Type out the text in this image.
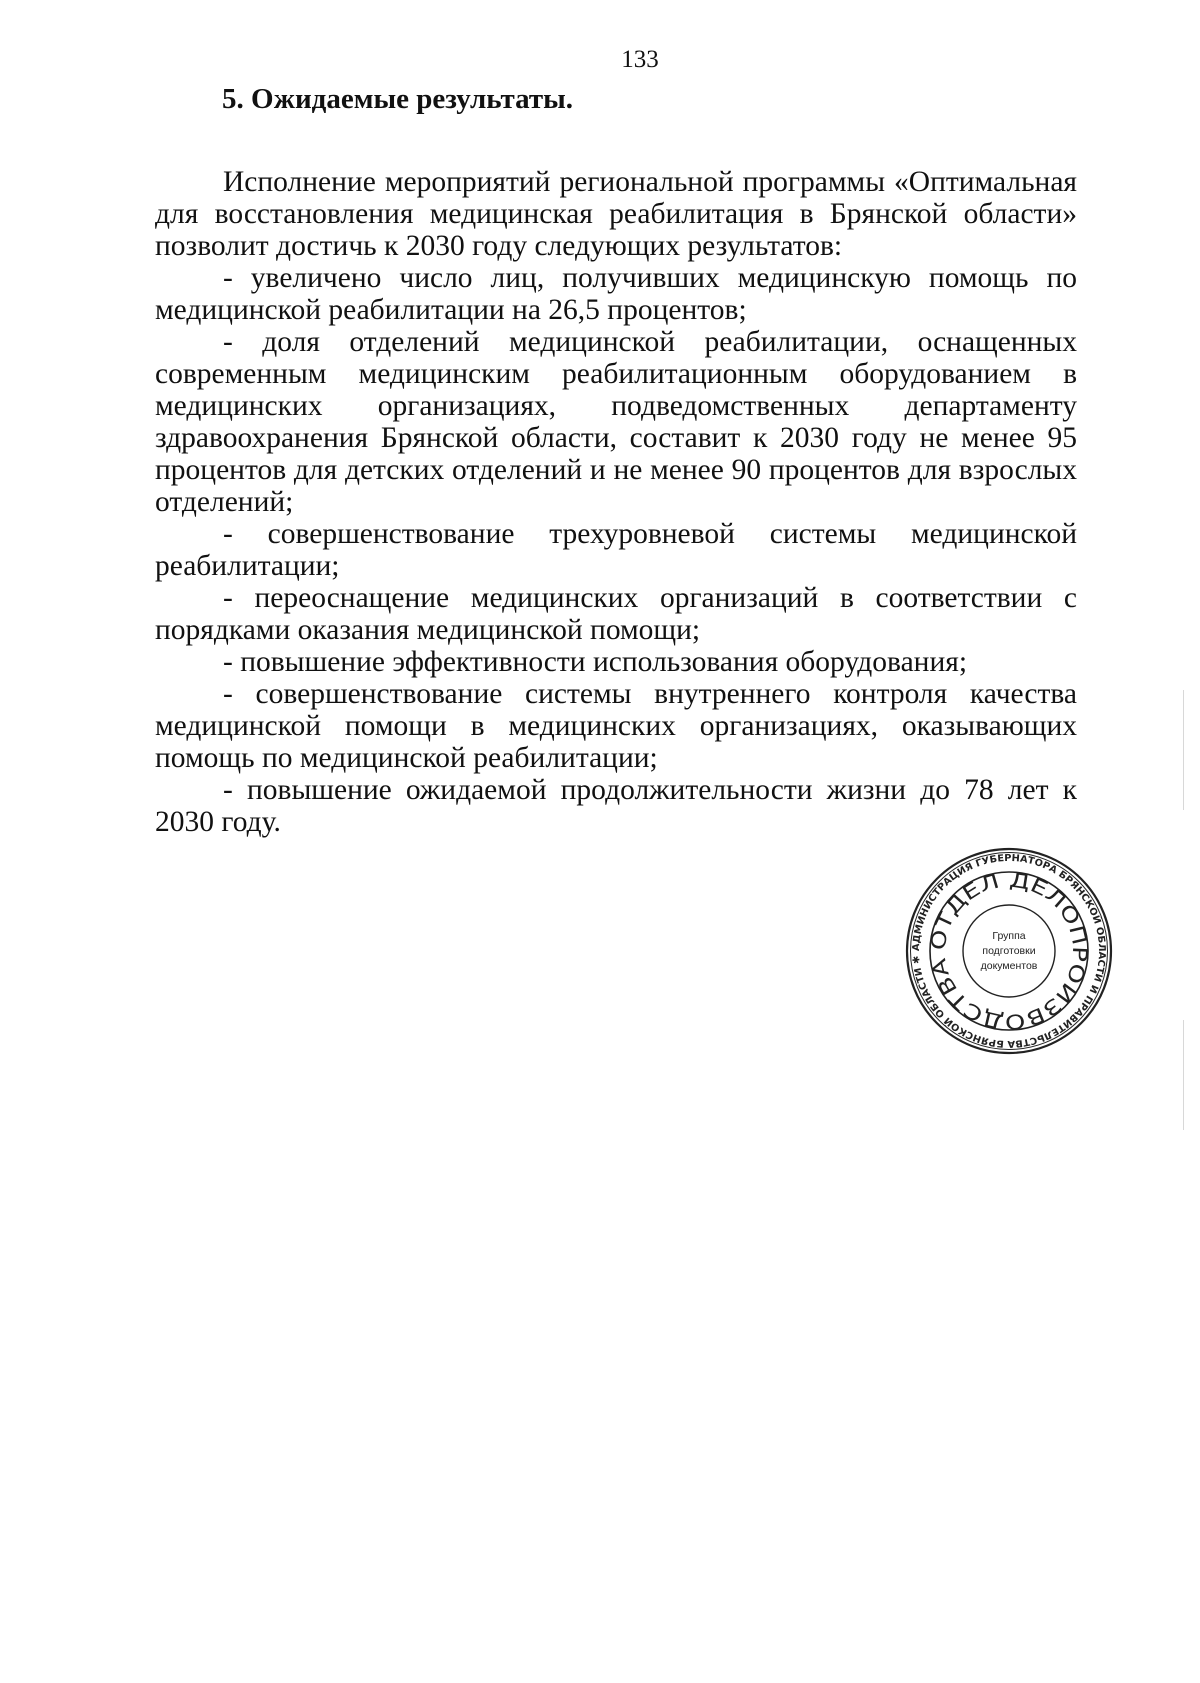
133
5. Ожидаемые результаты.

Исполнение мероприятий региональной программы «Оптимальная для восстановления медицинская реабилитация в Брянской области» позволит достичь к 2030 году следующих результатов:

- увеличено число лиц, получивших медицинскую помощь по медицинской реабилитации на 26,5 процентов;

- доля отделений медицинской реабилитации, оснащенных современным медицинским реабилитационным оборудованием в медицинских организациях, подведомственных департаменту здравоохранения Брянской области, составит к 2030 году не менее 95 процентов для детских отделений и не менее 90 процентов для взрослых отделений;

- совершенствование трехуровневой системы медицинской реабилитации;

- переоснащение медицинских организаций в соответствии с порядками оказания медицинской помощи;

- повышение эффективности использования оборудования;

- совершенствование системы внутреннего контроля качества медицинской помощи в медицинских организациях, оказывающих помощь по медицинской реабилитации;

- повышение ожидаемой продолжительности жизни до 78 лет к 2030 году.

АДМИНИСТРАЦИЯ ГУБЕРНАТОРА БРЯНСКОЙ ОБЛАСТИ И ПРАВИТЕЛЬСТВА БРЯНСКОЙ ОБЛАСТИ ✱
ОТДЕЛ ДЕЛОПРОИЗВОДСТВА
Группа
подготовки
документов
